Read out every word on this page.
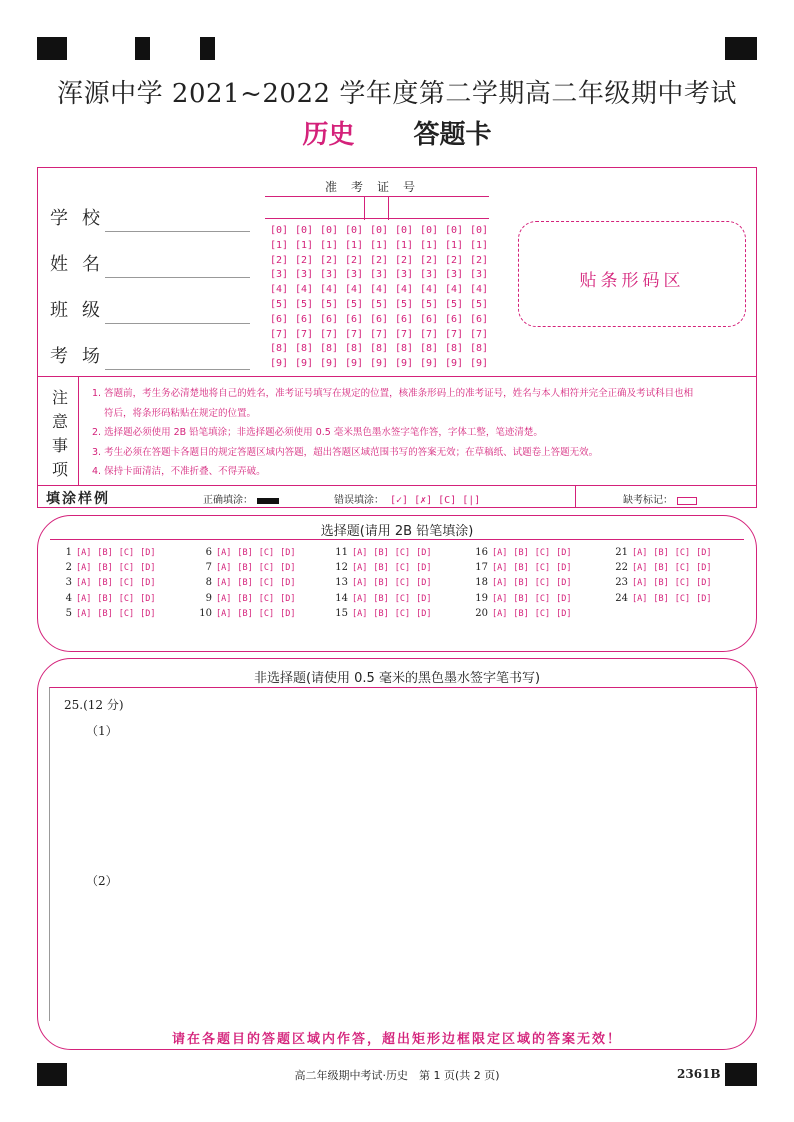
浑源中学 2021~2022 学年度第二学期高二年级期中考试
历史 答题卡
学校
姓名
班级
考场
准考证号
[0] [0] [0] [0] [0] [0] [0] [0] [0]
[1] [1] [1] [1] [1] [1] [1] [1] [1]
[2] [2] [2] [2] [2] [2] [2] [2] [2]
[3] [3] [3] [3] [3] [3] [3] [3] [3]
[4] [4] [4] [4] [4] [4] [4] [4] [4]
[5] [5] [5] [5] [5] [5] [5] [5] [5]
[6] [6] [6] [6] [6] [6] [6] [6] [6]
[7] [7] [7] [7] [7] [7] [7] [7] [7]
[8] [8] [8] [8] [8] [8] [8] [8] [8]
[9] [9] [9] [9] [9] [9] [9] [9] [9]
贴条形码区
注意事项
1. 答题前，考生务必清楚地将自己的姓名，准考证号填写在规定的位置，核准条形码上的准考证号，姓名与本人相符并完全正确及考试科目也相
符后，将条形码粘贴在规定的位置。
2. 选择题必须使用 2B 铅笔填涂；非选择题必须使用 0.5 毫米黑色墨水签字笔作答，字体工整，笔迹清楚。
3. 考生必须在答题卡各题目的规定答题区域内答题，超出答题区域范围书写的答案无效；在草稿纸、试题卷上答题无效。
4. 保持卡面清洁，不准折叠、不得弄破。
填涂样例	正确填涂：	错误填涂： [✓] [✗] [C] [|]	缺考标记：
选择题(请用 2B 铅笔填涂)
1 [A] [B] [C] [D]
2 [A] [B] [C] [D]
3 [A] [B] [C] [D]
4 [A] [B] [C] [D]
5 [A] [B] [C] [D]
6 [A] [B] [C] [D]
7 [A] [B] [C] [D]
8 [A] [B] [C] [D]
9 [A] [B] [C] [D]
10 [A] [B] [C] [D]
11 [A] [B] [C] [D]
12 [A] [B] [C] [D]
13 [A] [B] [C] [D]
14 [A] [B] [C] [D]
15 [A] [B] [C] [D]
16 [A] [B] [C] [D]
17 [A] [B] [C] [D]
18 [A] [B] [C] [D]
19 [A] [B] [C] [D]
20 [A] [B] [C] [D]
21 [A] [B] [C] [D]
22 [A] [B] [C] [D]
23 [A] [B] [C] [D]
24 [A] [B] [C] [D]
非选择题(请使用 0.5 毫米的黑色墨水签字笔书写)
25.(12 分)
（1）
（2）
请在各题目的答题区域内作答，超出矩形边框限定区域的答案无效！
高二年级期中考试·历史　第 1 页(共 2 页)	2361B
